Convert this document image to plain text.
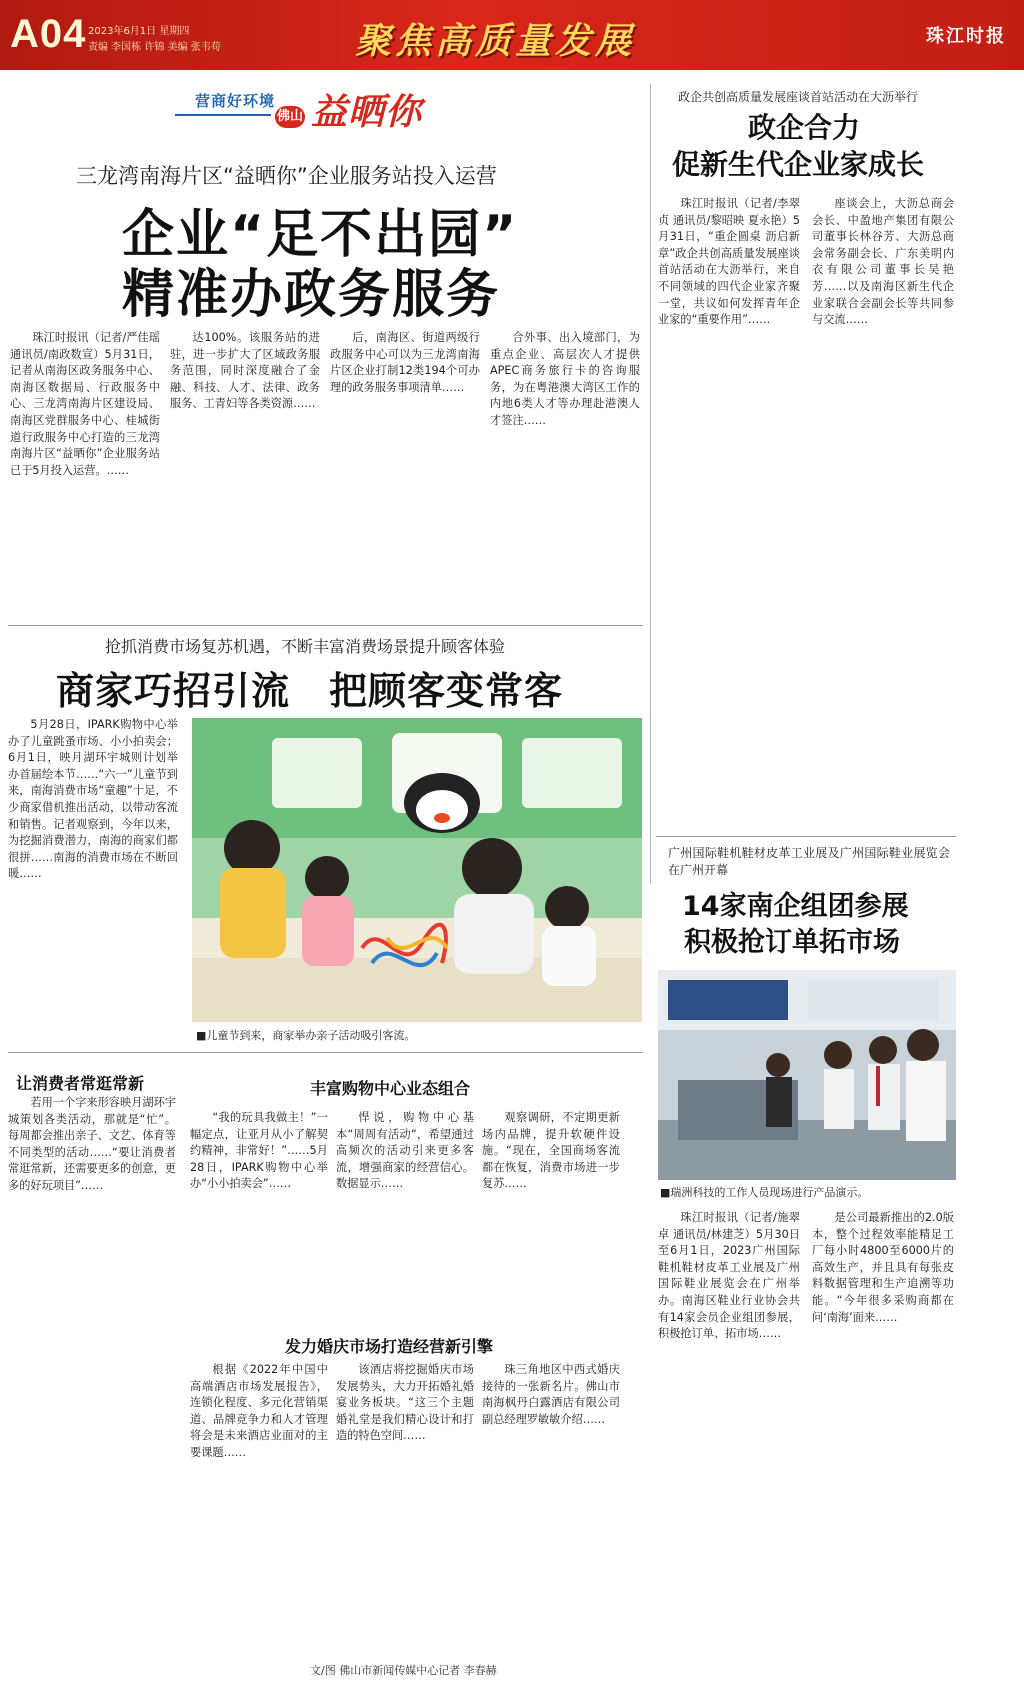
A04 2023年6月1日 星期四
责编 李国栋 许锦 美编 张韦苟	聚焦高质量发展	珠江时报
营商好环境
佛山 益晒你
三龙湾南海片区“益晒你”企业服务站投入运营
企业“足不出园”
精准办政务服务

珠江时报讯（记者/严佳瑶 通讯员/南政数宣）5月31日，记者从南海区政务服务中心、南海区数据局、行政服务中心、三龙湾南海片区建设局、南海区党群服务中心、桂城街道行政服务中心打造的三龙湾南海片区“益晒你”企业服务站已于5月投入运营。……

达100%。该服务站的进驻，进一步扩大了区域政务服务范围，同时深度融合了金融、科技、人才、法律、政务服务、工青妇等各类资源……

后，南海区、街道两级行政服务中心可以为三龙湾南海片区企业打制12类194个可办理的政务服务事项清单……

合外事、出入境部门，为重点企业、高层次人才提供APEC商务旅行卡的咨询服务，为在粤港澳大湾区工作的内地6类人才等办理赴港澳人才签注……

抢抓消费市场复苏机遇，不断丰富消费场景提升顾客体验
商家巧招引流　把顾客变常客

5月28日，IPARK购物中心举办了儿童跳蚤市场、小小拍卖会；6月1日，映月湖环宇城则计划举办首届绘本节……“六一”儿童节到来，南海消费市场“童趣”十足，不少商家借机推出活动，以带动客流和销售。记者观察到，今年以来，为挖掘消费潜力，南海的商家们都很拼……南海的消费市场在不断回暖……

■儿童节到来，商家举办亲子活动吸引客流。
让消费者常逛常新

若用一个字来形容映月湖环宇城策划各类活动，那就是“忙”。每周都会推出亲子、文艺、体育等不同类型的活动……“要让消费者常逛常新，还需要更多的创意，更多的好玩项目”……

丰富购物中心业态组合

“我的玩具我做主！”一幅定点，让亚月从小了解契约精神，非常好！”……5月28日，IPARK购物中心举办“小小拍卖会”……

悍说，购物中心基本“周周有活动”，希望通过高频次的活动引来更多客流，增强商家的经营信心。数据显示……

观察调研，不定期更新场内品牌，提升软硬件设施。“现在，全国商场客流都在恢复，消费市场进一步复苏……

发力婚庆市场打造经营新引擎

根据《2022年中国中高端酒店市场发展报告》，连锁化程度、多元化营销渠道、品牌竞争力和人才管理将会是未来酒店业面对的主要课题……

该酒店将挖掘婚庆市场发展势头，大力开拓婚礼婚宴业务板块。“这三个主题婚礼堂是我们精心设计和打造的特色空间……

珠三角地区中西式婚庆接待的一张新名片。佛山市南海枫丹白露酒店有限公司副总经理罗敏敏介绍……

文/图 佛山市新闻传媒中心记者 李春赫
政企共创高质量发展座谈首站活动在大沥举行
政企合力
促新生代企业家成长

珠江时报讯（记者/李翠贞 通讯员/黎昭映 夏永艳）5月31日，“重企圆桌 沥启新章”政企共创高质量发展座谈首站活动在大沥举行，来自不同领域的四代企业家齐聚一堂，共议如何发挥青年企业家的“重要作用”……

座谈会上，大沥总商会会长、中盈地产集团有限公司董事长林谷芳、大沥总商会常务副会长、广东美明内衣有限公司董事长吴艳芳……以及南海区新生代企业家联合会副会长等共同参与交流……

广州国际鞋机鞋材皮革工业展及广州国际鞋业展览会在广州开幕
14家南企组团参展
积极抢订单拓市场
■瑞洲科技的工作人员现场进行产品演示。

珠江时报讯（记者/施翠卓 通讯员/林建芝）5月30日至6月1日，2023广州国际鞋机鞋材皮革工业展及广州国际鞋业展览会在广州举办。南海区鞋业行业协会共有14家会员企业组团参展，积极抢订单、拓市场……

是公司最新推出的2.0版本，整个过程效率能精足工厂每小时4800至6000片的高效生产，并且具有每张皮料数据管理和生产追溯等功能。“今年很多采购商都在问‘南海’面来……
